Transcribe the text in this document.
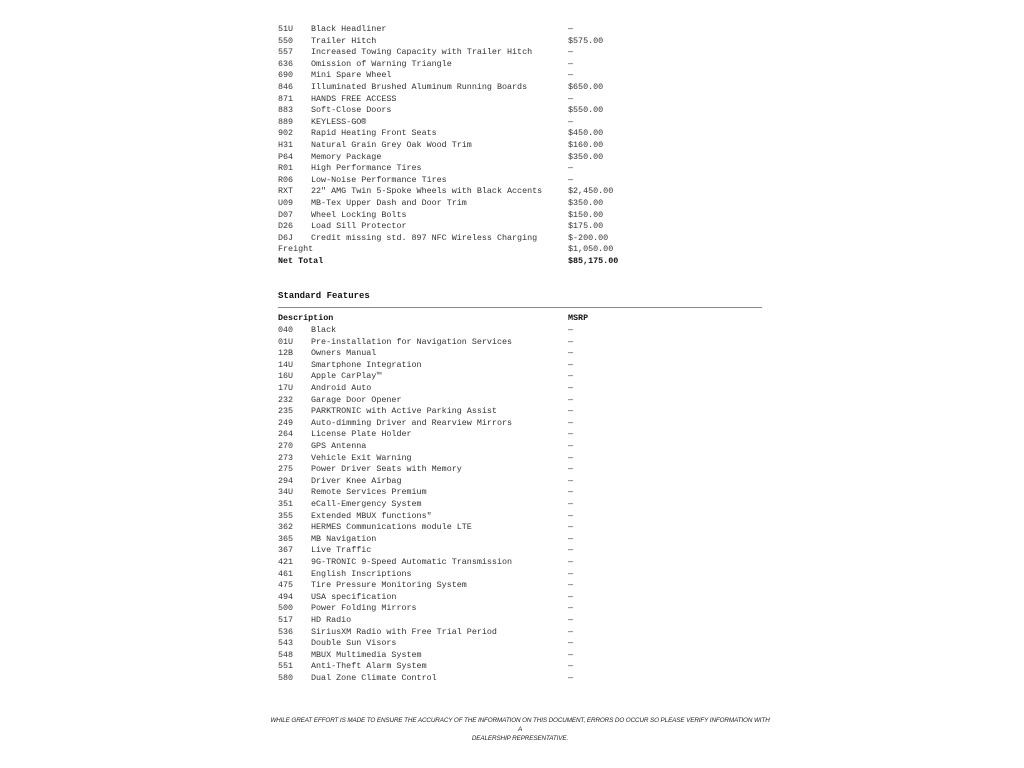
51U Black Headliner	—
550 Trailer Hitch	$575.00
557 Increased Towing Capacity with Trailer Hitch	—
636 Omission of Warning Triangle	—
690 Mini Spare Wheel	—
846 Illuminated Brushed Aluminum Running Boards	$650.00
871 HANDS FREE ACCESS	—
883 Soft-Close Doors	$550.00
889 KEYLESS-GO®	—
902 Rapid Heating Front Seats	$450.00
H31 Natural Grain Grey Oak Wood Trim	$160.00
P64 Memory Package	$350.00
R01 High Performance Tires	—
R06 Low-Noise Performance Tires	—
RXT 22" AMG Twin 5-Spoke Wheels with Black Accents	$2,450.00
U09 MB-Tex Upper Dash and Door Trim	$350.00
D07 Wheel Locking Bolts	$150.00
D26 Load Sill Protector	$175.00
D6J Credit missing std. 897 NFC Wireless Charging	$-200.00
Freight	$1,050.00
Net Total	$85,175.00
Standard Features
Description	MSRP
040 Black	—
01U Pre-installation for Navigation Services	—
12B Owners Manual	—
14U Smartphone Integration	—
16U Apple CarPlay™	—
17U Android Auto	—
232 Garage Door Opener	—
235 PARKTRONIC with Active Parking Assist	—
249 Auto-dimming Driver and Rearview Mirrors	—
264 License Plate Holder	—
270 GPS Antenna	—
273 Vehicle Exit Warning	—
275 Power Driver Seats with Memory	—
294 Driver Knee Airbag	—
34U Remote Services Premium	—
351 eCall-Emergency System	—
355 Extended MBUX functions"	—
362 HERMES Communications module LTE	—
365 MB Navigation	—
367 Live Traffic	—
421 9G-TRONIC 9-Speed Automatic Transmission	—
461 English Inscriptions	—
475 Tire Pressure Monitoring System	—
494 USA specification	—
500 Power Folding Mirrors	—
517 HD Radio	—
536 SiriusXM Radio with Free Trial Period	—
543 Double Sun Visors	—
548 MBUX Multimedia System	—
551 Anti-Theft Alarm System	—
580 Dual Zone Climate Control	—
WHILE GREAT EFFORT IS MADE TO ENSURE THE ACCURACY OF THE INFORMATION ON THIS DOCUMENT, ERRORS DO OCCUR SO PLEASE VERIFY INFORMATION WITH A
DEALERSHIP REPRESENTATIVE.
